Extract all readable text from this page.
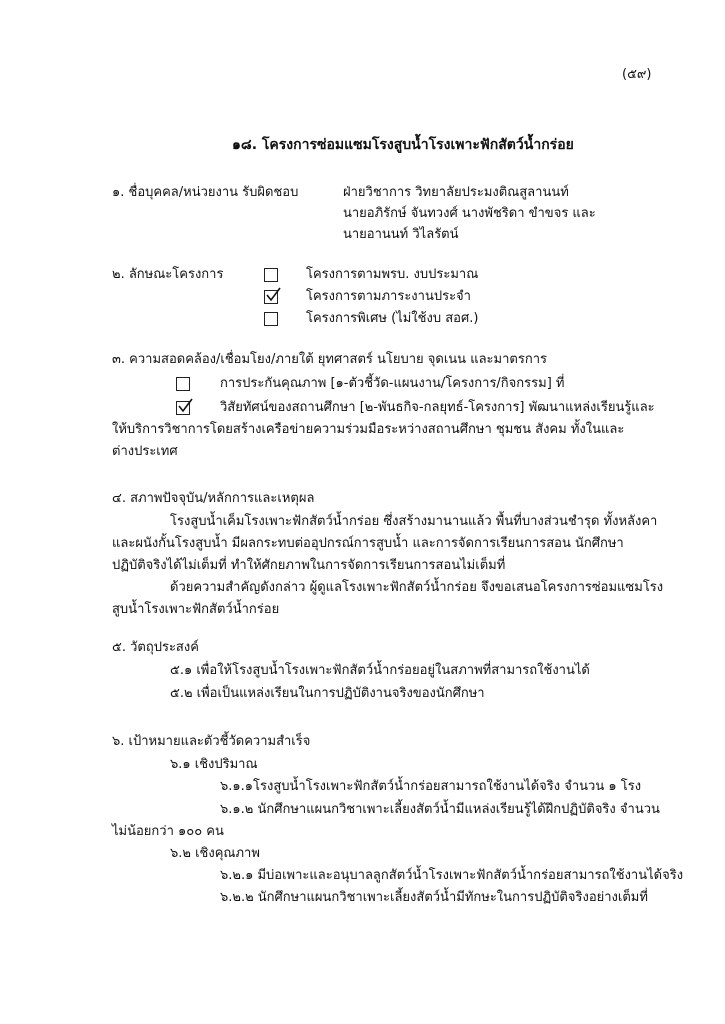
(๕๙)
๑๘. โครงการซ่อมแซมโรงสูบน้ำโรงเพาะฟักสัตว์น้ำกร่อย
๑. ชื่อบุคคล/หน่วยงาน รับผิดชอบ	ฝ่ายวิชาการ วิทยาลัยประมงติณสูลานนท์
นายอภิรักษ์ จันทวงศ์ นางพัชริดา ขำขจร และ
นายอานนท์ วิไลรัตน์
๒. ลักษณะโครงการ	โครงการตามพรบ. งบประมาณ
โครงการตามภาระงานประจำ
โครงการพิเศษ (ไม่ใช้งบ สอศ.)
๓. ความสอดคล้อง/เชื่อมโยง/ภายใต้ ยุทศาสตร์ นโยบาย จุดเนน และมาตรการ
การประกันคุณภาพ [๑-ตัวชี้วัด-แผนงาน/โครงการ/กิจกรรม] ที่
วิสัยทัศน์ของสถานศึกษา [๒-พันธกิจ-กลยุทธ์-โครงการ] พัฒนาแหล่งเรียนรู้และ
ให้บริการวิชาการโดยสร้างเครือข่ายความร่วมมือระหว่างสถานศึกษา ชุมชน สังคม ทั้งในและ
ต่างประเทศ
๔. สภาพปัจจุบัน/หลักการและเหตุผล
โรงสูบน้ำเค็มโรงเพาะฟักสัตว์น้ำกร่อย ซึ่งสร้างมานานแล้ว พื้นที่บางส่วนชำรุด ทั้งหลังคา
และผนังกั้นโรงสูบน้ำ มีผลกระทบต่ออุปกรณ์การสูบน้ำ และการจัดการเรียนการสอน นักศึกษา
ปฏิบัติจริงได้ไม่เต็มที่ ทำให้ศักยภาพในการจัดการเรียนการสอนไม่เต็มที่
ด้วยความสำคัญดังกล่าว ผู้ดูแลโรงเพาะฟักสัตว์น้ำกร่อย จึงขอเสนอโครงการซ่อมแซมโรง
สูบน้ำโรงเพาะฟักสัตว์น้ำกร่อย
๕. วัตถุประสงค์
๕.๑ เพื่อให้โรงสูบน้ำโรงเพาะฟักสัตว์น้ำกร่อยอยู่ในสภาพที่สามารถใช้งานได้
๕.๒ เพื่อเป็นแหล่งเรียนในการปฏิบัติงานจริงของนักศึกษา
๖. เป้าหมายและตัวชี้วัดความสำเร็จ
๖.๑ เชิงปริมาณ
๖.๑.๑โรงสูบน้ำโรงเพาะฟักสัตว์น้ำกร่อยสามารถใช้งานได้จริง จำนวน ๑ โรง
๖.๑.๒ นักศึกษาแผนกวิชาเพาะเลี้ยงสัตว์น้ำมีแหล่งเรียนรู้ได้ฝึกปฏิบัติจริง จำนวน
ไม่น้อยกว่า ๑๐๐ คน
๖.๒ เชิงคุณภาพ
๖.๒.๑ มีบ่อเพาะและอนุบาลลูกสัตว์น้ำโรงเพาะฟักสัตว์น้ำกร่อยสามารถใช้งานได้จริง
๖.๒.๒ นักศึกษาแผนกวิชาเพาะเลี้ยงสัตว์น้ำมีทักษะในการปฏิบัติจริงอย่างเต็มที่
